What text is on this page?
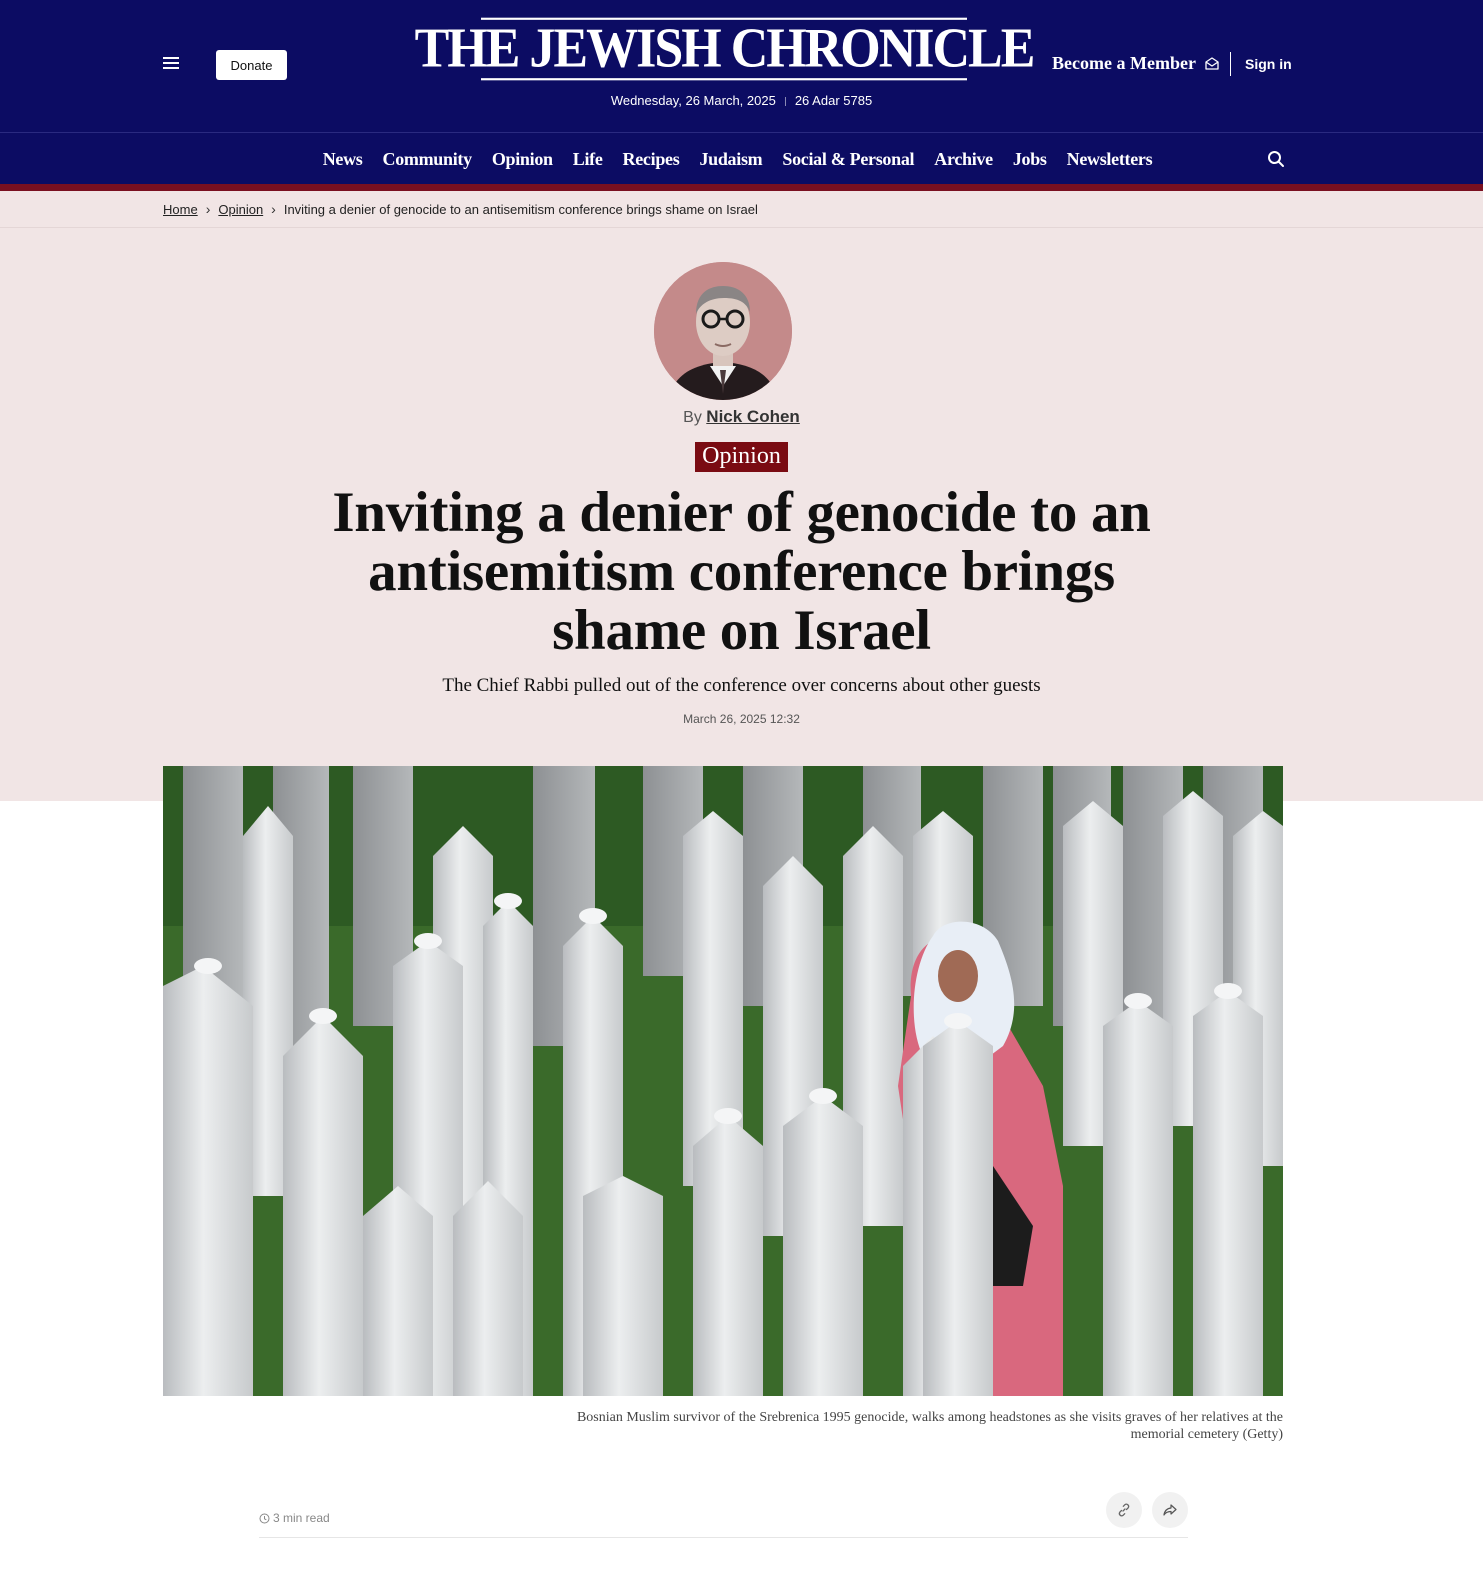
Donate	THE JEWISH CHRONICLE
Wednesday, 26 March, 2025 26 Adar 5785
Become a Member	Sign in
News Community Opinion Life Recipes Judaism Social & Personal Archive Jobs Newsletters
Home › Opinion › Inviting a denier of genocide to an antisemitism conference brings shame on Israel
By Nick Cohen
Opinion
Inviting a denier of genocide to an antisemitism conference brings shame on Israel

The Chief Rabbi pulled out of the conference over concerns about other guests

March 26, 2025 12:32

Bosnian Muslim survivor of the Srebrenica 1995 genocide, walks among headstones as she visits graves of her relatives at the memorial cemetery (Getty)

3 min read
